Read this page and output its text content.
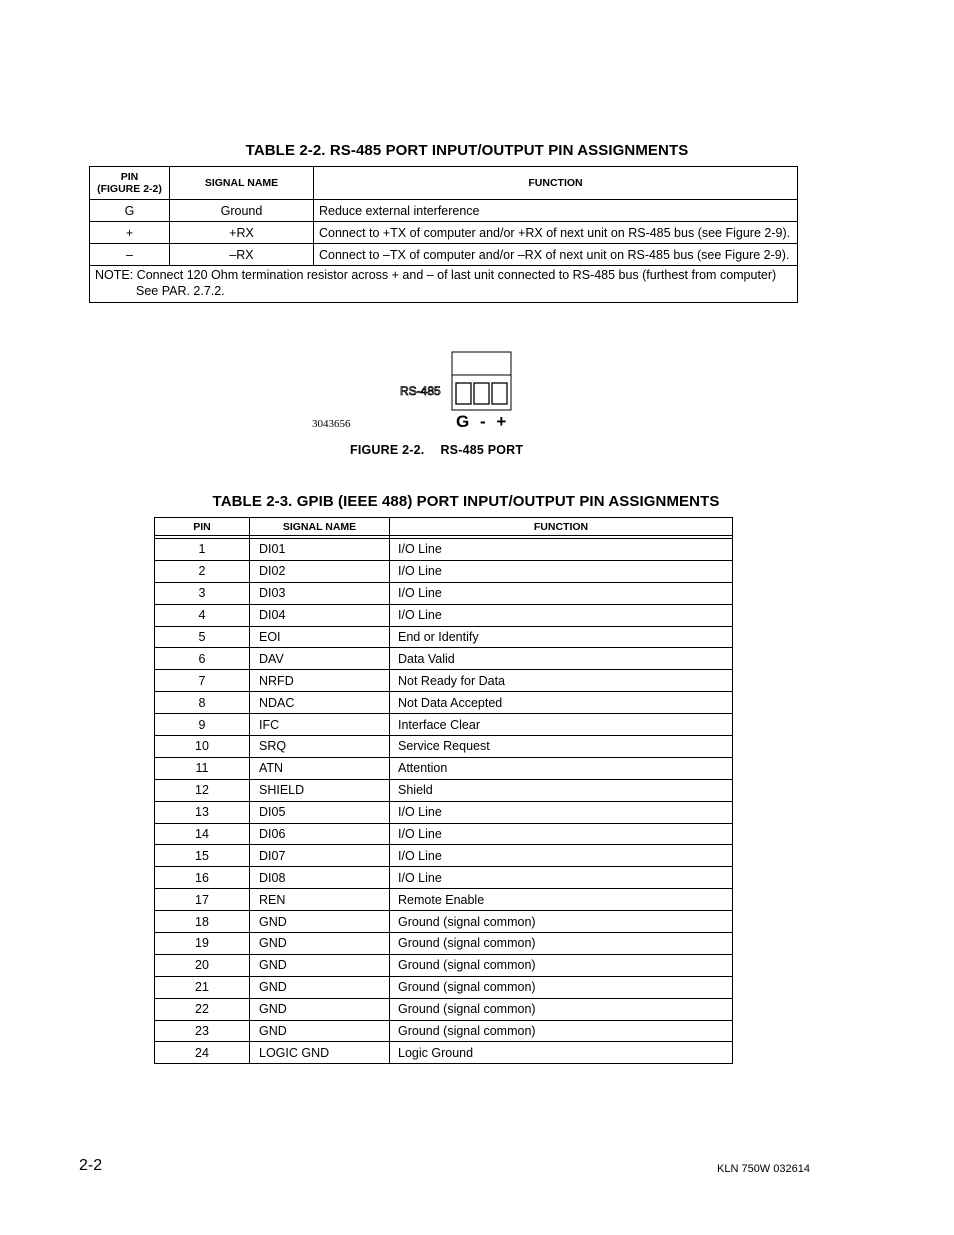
TABLE 2-2. RS-485 PORT INPUT/OUTPUT PIN ASSIGNMENTS
PIN
(FIGURE 2-2)	SIGNAL NAME	FUNCTION
G	Ground	Reduce external interference
+	+RX	Connect to +TX of computer and/or +RX of next unit on RS-485 bus (see Figure 2-9).
–	–RX	Connect to –TX of computer and/or –RX of next unit on RS-485 bus (see Figure 2-9).
NOTE: Connect 120 Ohm termination resistor across + and – of last unit connected to RS-485 bus (furthest from computer)
See PAR. 2.7.2.		
RS-485
G - +
3043656
FIGURE 2-2. RS-485 PORT
TABLE 2-3. GPIB (IEEE 488) PORT INPUT/OUTPUT PIN ASSIGNMENTS
PIN	SIGNAL NAME	FUNCTION

1	DI01	I/O Line
2	DI02	I/O Line
3	DI03	I/O Line
4	DI04	I/O Line
5	EOI	End or Identify
6	DAV	Data Valid
7	NRFD	Not Ready for Data
8	NDAC	Not Data Accepted
9	IFC	Interface Clear
10	SRQ	Service Request
11	ATN	Attention
12	SHIELD	Shield
13	DI05	I/O Line
14	DI06	I/O Line
15	DI07	I/O Line
16	DI08	I/O Line
17	REN	Remote Enable
18	GND	Ground (signal common)
19	GND	Ground (signal common)
20	GND	Ground (signal common)
21	GND	Ground (signal common)
22	GND	Ground (signal common)
23	GND	Ground (signal common)
24	LOGIC GND	Logic Ground
2-2	KLN 750W 032614
